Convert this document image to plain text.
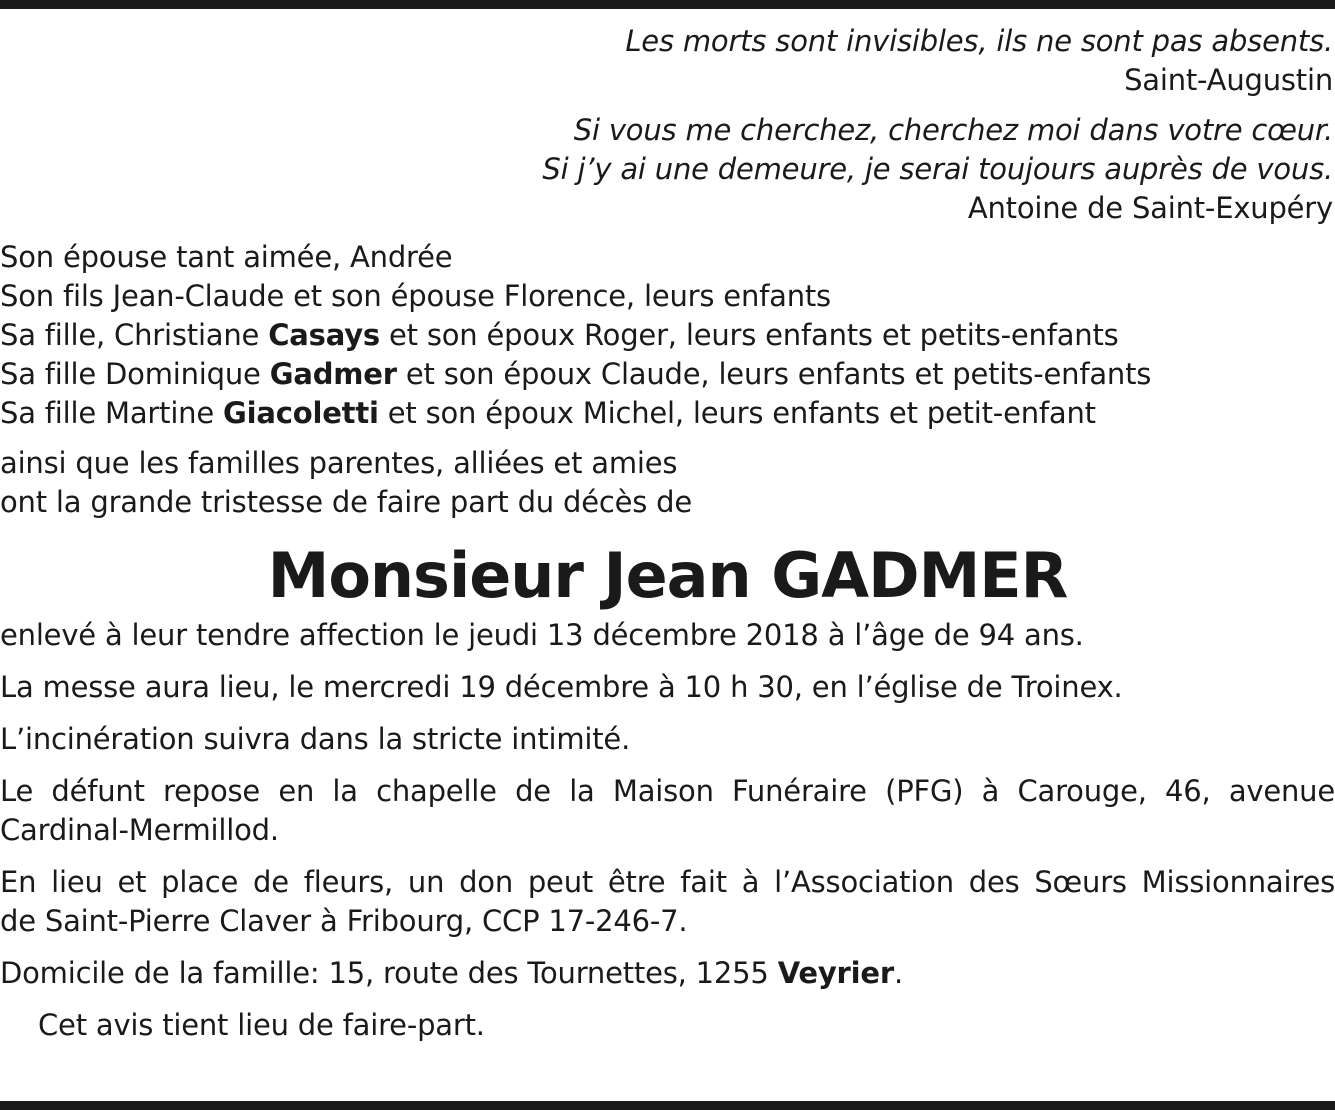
Les morts sont invisibles, ils ne sont pas absents.
Saint-Augustin
Si vous me cherchez, cherchez moi dans votre cœur.
Si j’y ai une demeure, je serai toujours auprès de vous.
Antoine de Saint-Exupéry
Son épouse tant aimée, Andrée
Son fils Jean-Claude et son épouse Florence, leurs enfants
Sa fille, Christiane Casays et son époux Roger, leurs enfants et petits-enfants
Sa fille Dominique Gadmer et son époux Claude, leurs enfants et petits-enfants
Sa fille Martine Giacoletti et son époux Michel, leurs enfants et petit-enfant
ainsi que les familles parentes, alliées et amies
ont la grande tristesse de faire part du décès de
Monsieur Jean GADMER
enlevé à leur tendre affection le jeudi 13 décembre 2018 à l’âge de 94 ans.
La messe aura lieu, le mercredi 19 décembre à 10 h 30, en l’église de Troinex.
L’incinération suivra dans la stricte intimité.
Le défunt repose en la chapelle de la Maison Funéraire (PFG) à Carouge, 46, avenue
Cardinal-Mermillod.
En lieu et place de fleurs, un don peut être fait à l’Association des Sœurs Missionnaires
de Saint-Pierre Claver à Fribourg, CCP 17-246-7.
Domicile de la famille: 15, route des Tournettes, 1255 Veyrier.
Cet avis tient lieu de faire-part.
